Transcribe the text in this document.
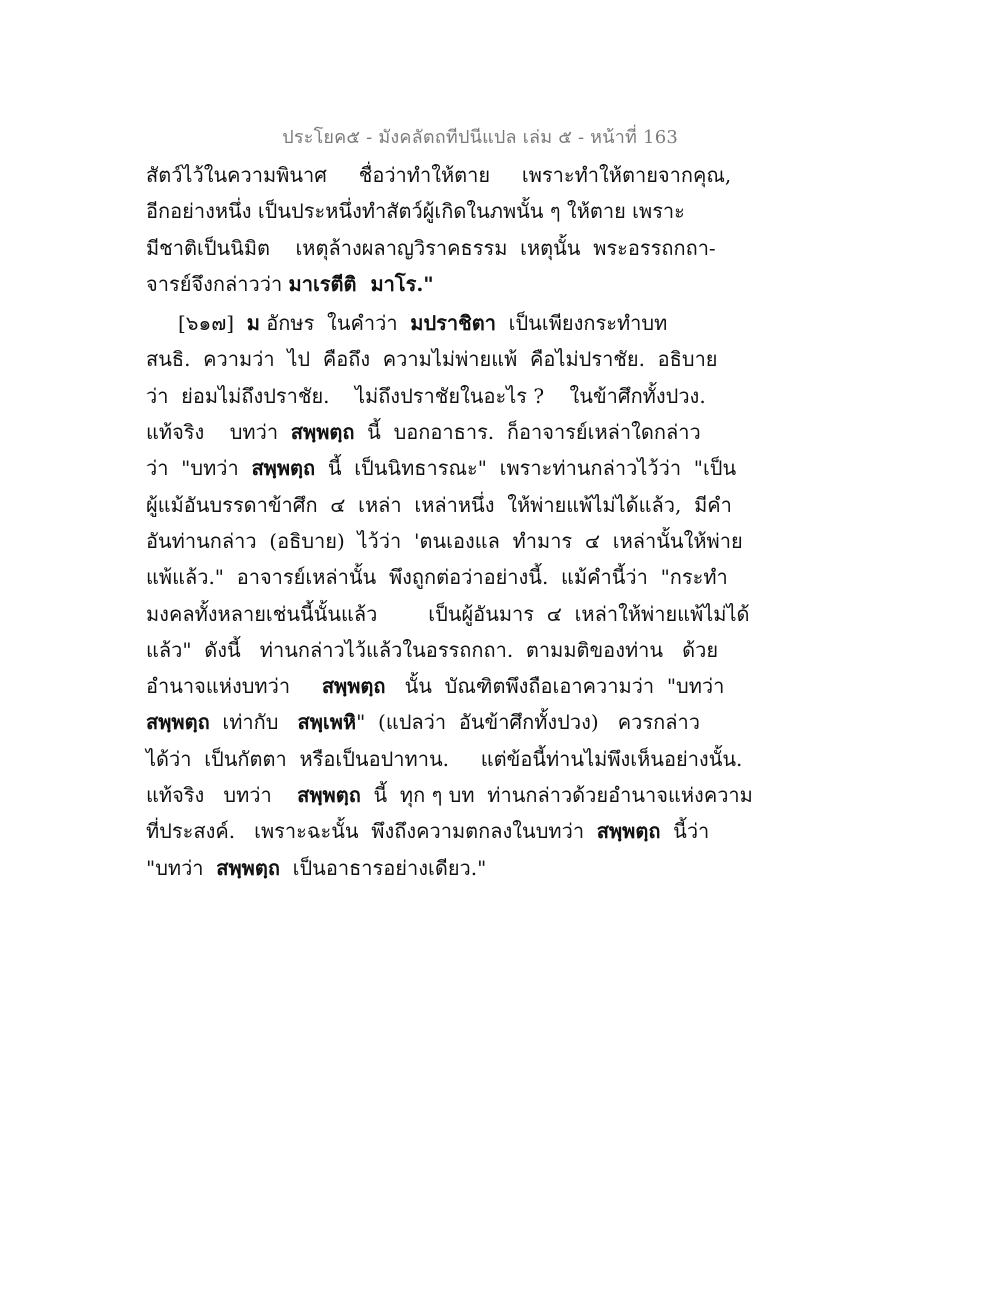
ประโยค๕ - มังคลัตถทีปนีแปล เล่ม ๕ - หน้าที่ 163
สัตว์ไว้ในความพินาศ     ชื่อว่าทำให้ตาย     เพราะทำให้ตายจากคุณ,
อีกอย่างหนึ่ง เป็นประหนึ่งทำสัตว์ผู้เกิดในภพนั้น ๆ ให้ตาย เพราะ
มีชาติเป็นนิมิต    เหตุล้างผลาญวิราคธรรม  เหตุนั้น  พระอรรถกถา-
จารย์จึงกล่าวว่า มาเรตีติ  มาโร."
[๖๑๗]  ม อักษร  ในคำว่า  มปราชิตา  เป็นเพียงกระทำบท
สนธิ.  ความว่า  ไป  คือถึง  ความไม่พ่ายแพ้  คือไม่ปราชัย.  อธิบาย
ว่า  ย่อมไม่ถึงปราชัย.    ไม่ถึงปราชัยในอะไร ?    ในข้าศึกทั้งปวง.
แท้จริง    บทว่า  สพฺพตฺถ  นี้  บอกอาธาร.  ก็อาจารย์เหล่าใดกล่าว
ว่า  "บทว่า  สพฺพตฺถ  นี้  เป็นนิทธารณะ"  เพราะท่านกล่าวไว้ว่า  "เป็น
ผู้แม้อันบรรดาข้าศึก  ๔  เหล่า  เหล่าหนึ่ง  ให้พ่ายแพ้ไม่ได้แล้ว,  มีคำ
อันท่านกล่าว  (อธิบาย)  ไว้ว่า  'ตนเองแล  ทำมาร  ๔  เหล่านั้นให้พ่าย
แพ้แล้ว."  อาจารย์เหล่านั้น  พึงถูกต่อว่าอย่างนี้.  แม้คำนี้ว่า  "กระทำ
มงคลทั้งหลายเช่นนี้นั้นแล้ว        เป็นผู้อันมาร  ๔  เหล่าให้พ่ายแพ้ไม่ได้
แล้ว"  ดังนี้   ท่านกล่าวไว้แล้วในอรรถกถา.  ตามมติของท่าน   ด้วย
อำนาจแห่งบทว่า     สพฺพตฺถ   นั้น  บัณฑิตพึงถือเอาความว่า  "บทว่า
สพฺพตฺถ  เท่ากับ   สพฺเพหิ"  (แปลว่า  อันข้าศึกทั้งปวง)   ควรกล่าว
ได้ว่า  เป็นกัตตา  หรือเป็นอปาทาน.     แต่ข้อนี้ท่านไม่พึงเห็นอย่างนั้น.
แท้จริง   บทว่า    สพฺพตฺถ  นี้  ทุก ๆ บท  ท่านกล่าวด้วยอำนาจแห่งความ
ที่ประสงค์.   เพราะฉะนั้น  พึงถึงความตกลงในบทว่า  สพฺพตฺถ  นี้ว่า
"บทว่า  สพฺพตฺถ  เป็นอาธารอย่างเดียว."
